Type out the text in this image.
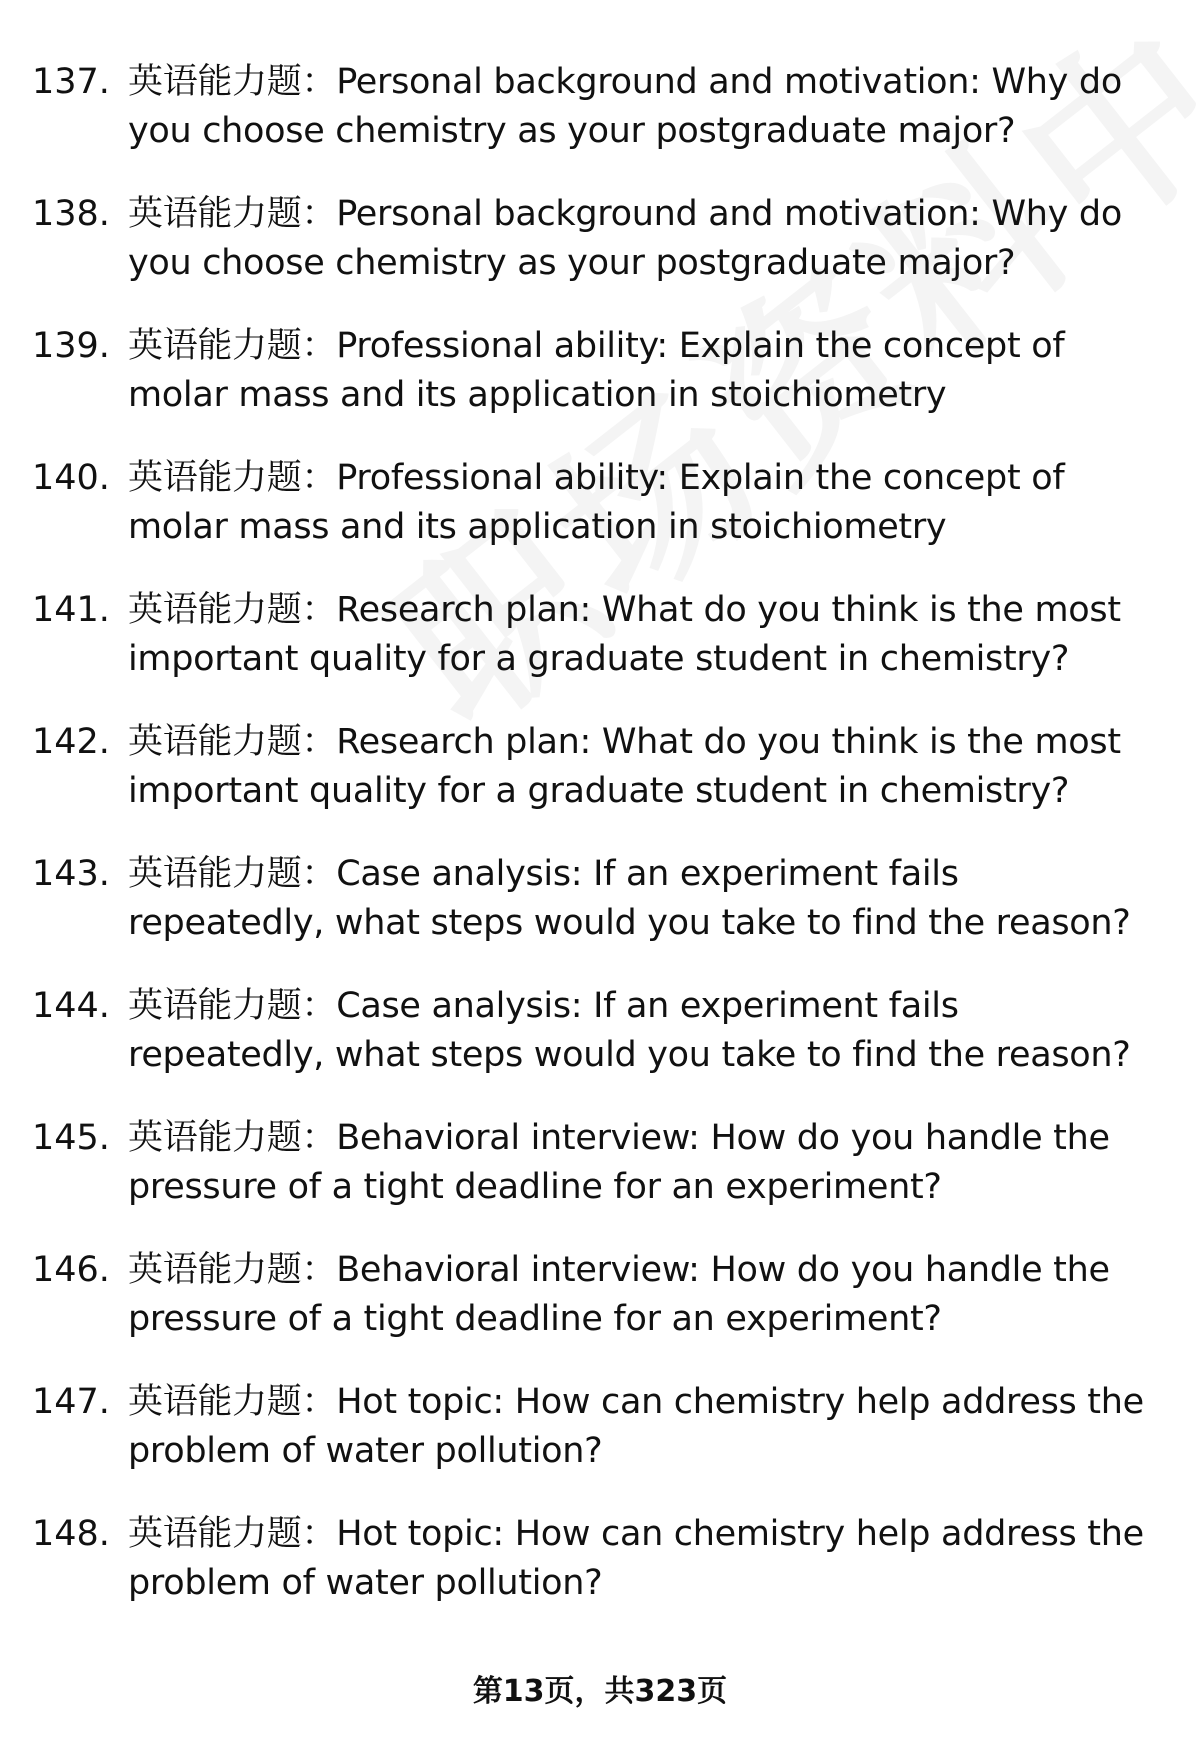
137. 英语能力题：Personal background and motivation: Why do you choose chemistry as your postgraduate major?
138. 英语能力题：Personal background and motivation: Why do you choose chemistry as your postgraduate major?
139. 英语能力题：Professional ability: Explain the concept of molar mass and its application in stoichiometry
140. 英语能力题：Professional ability: Explain the concept of molar mass and its application in stoichiometry
141. 英语能力题：Research plan: What do you think is the most important quality for a graduate student in chemistry?
142. 英语能力题：Research plan: What do you think is the most important quality for a graduate student in chemistry?
143. 英语能力题：Case analysis: If an experiment fails repeatedly, what steps would you take to find the reason?
144. 英语能力题：Case analysis: If an experiment fails repeatedly, what steps would you take to find the reason?
145. 英语能力题：Behavioral interview: How do you handle the pressure of a tight deadline for an experiment?
146. 英语能力题：Behavioral interview: How do you handle the pressure of a tight deadline for an experiment?
147. 英语能力题：Hot topic: How can chemistry help address the problem of water pollution?
148. 英语能力题：Hot topic: How can chemistry help address the problem of water pollution?
第13页，共323页
